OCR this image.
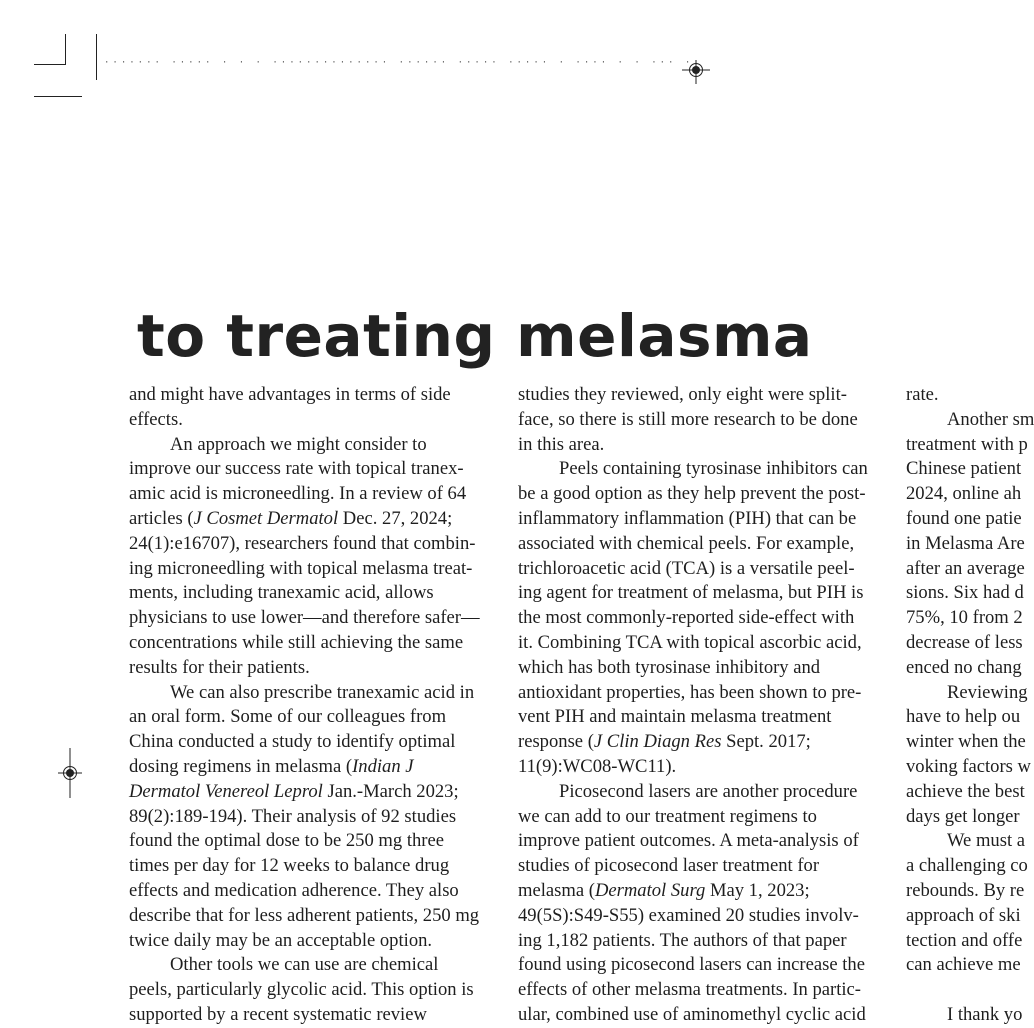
······· ····· · · · ·············· ······ ····· ····· · ···· · · ··· ·
to treating melasma
and might have advantages in terms of side
effects.
An approach we might consider to
improve our success rate with topical tranex-
amic acid is microneedling. In a review of 64
articles (J Cosmet Dermatol Dec. 27, 2024;
24(1):e16707), researchers found that combin-
ing microneedling with topical melasma treat-
ments, including tranexamic acid, allows
physicians to use lower—and therefore safer—
concentrations while still achieving the same
results for their patients.
We can also prescribe tranexamic acid in
an oral form. Some of our colleagues from
China conducted a study to identify optimal
dosing regimens in melasma (Indian J
Dermatol Venereol Leprol Jan.-March 2023;
89(2):189-194). Their analysis of 92 studies
found the optimal dose to be 250 mg three
times per day for 12 weeks to balance drug
effects and medication adherence. They also
describe that for less adherent patients, 250 mg
twice daily may be an acceptable option.
Other tools we can use are chemical
peels, particularly glycolic acid. This option is
supported by a recent systematic review
studies they reviewed, only eight were split-
face, so there is still more research to be done
in this area.
Peels containing tyrosinase inhibitors can
be a good option as they help prevent the post-
inflammatory inflammation (PIH) that can be
associated with chemical peels. For example,
trichloroacetic acid (TCA) is a versatile peel-
ing agent for treatment of melasma, but PIH is
the most commonly-reported side-effect with
it. Combining TCA with topical ascorbic acid,
which has both tyrosinase inhibitory and
antioxidant properties, has been shown to pre-
vent PIH and maintain melasma treatment
response (J Clin Diagn Res Sept. 2017;
11(9):WC08-WC11).
Picosecond lasers are another procedure
we can add to our treatment regimens to
improve patient outcomes. A meta-analysis of
studies of picosecond laser treatment for
melasma (Dermatol Surg May 1, 2023;
49(5S):S49-S55) examined 20 studies involv-
ing 1,182 patients. The authors of that paper
found using picosecond lasers can increase the
effects of other melasma treatments. In partic-
ular, combined use of aminomethyl cyclic acid
rate.
Another sm
treatment with p
Chinese patient
2024, online ah
found one patie
in Melasma Are
after an average
sions. Six had d
75%, 10 from 2
decrease of less
enced no chang
Reviewing
have to help ou
winter when the
voking factors w
achieve the best
days get longer
We must a
a challenging co
rebounds. By re
approach of ski
tection and offe
can achieve me
I thank yo
